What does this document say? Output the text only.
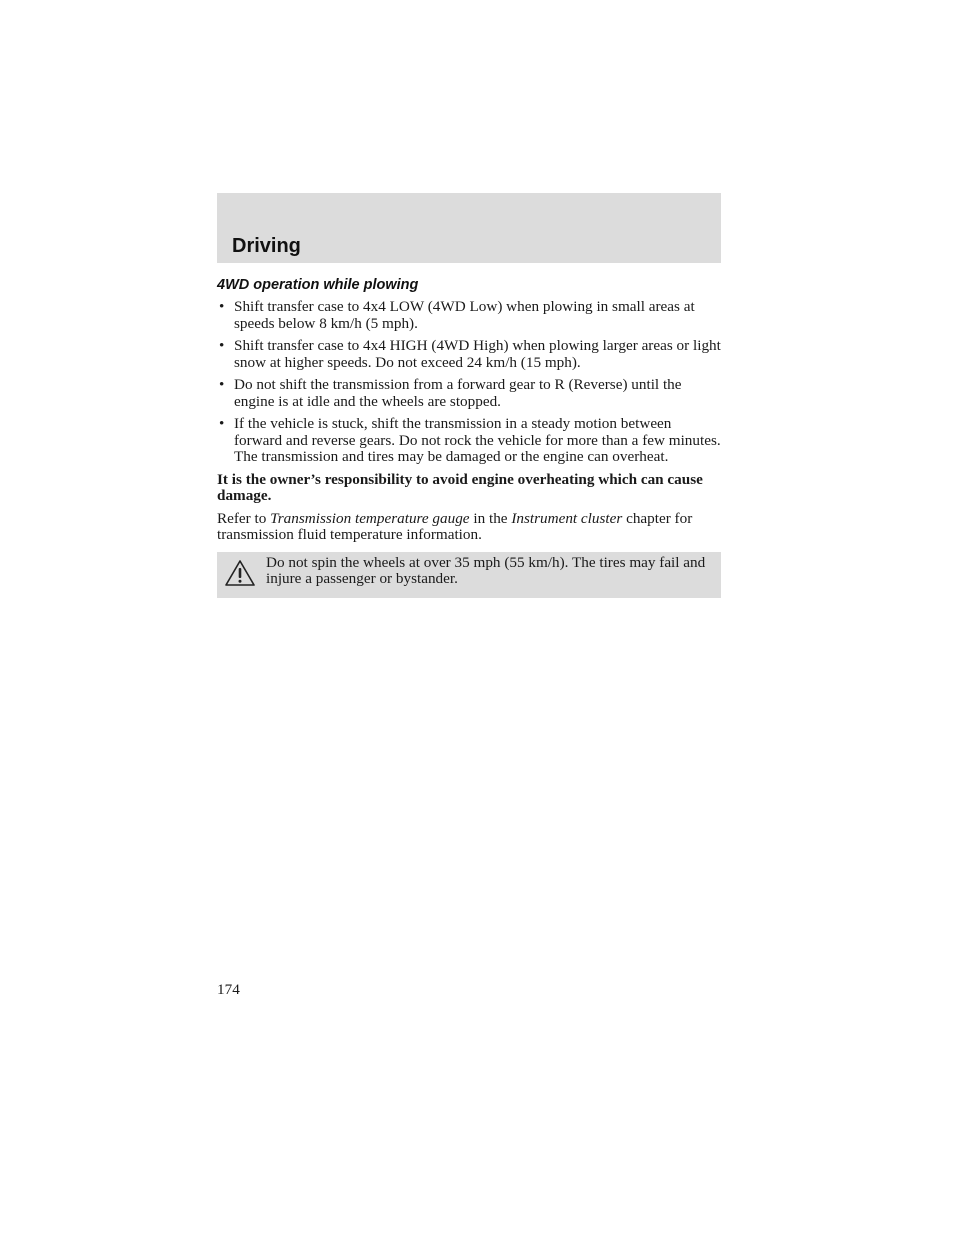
Driving
4WD operation while plowing
• Shift transfer case to 4x4 LOW (4WD Low) when plowing in small areas at speeds below 8 km/h (5 mph).
• Shift transfer case to 4x4 HIGH (4WD High) when plowing larger areas or light snow at higher speeds. Do not exceed 24 km/h (15 mph).
• Do not shift the transmission from a forward gear to R (Reverse) until the engine is at idle and the wheels are stopped.
• If the vehicle is stuck, shift the transmission in a steady motion between forward and reverse gears. Do not rock the vehicle for more than a few minutes. The transmission and tires may be damaged or the engine can overheat.

It is the owner’s responsibility to avoid engine overheating which can cause damage.

Refer to Transmission temperature gauge in the Instrument cluster chapter for transmission fluid temperature information.

Do not spin the wheels at over 35 mph (55 km/h). The tires may fail and injure a passenger or bystander.
174
